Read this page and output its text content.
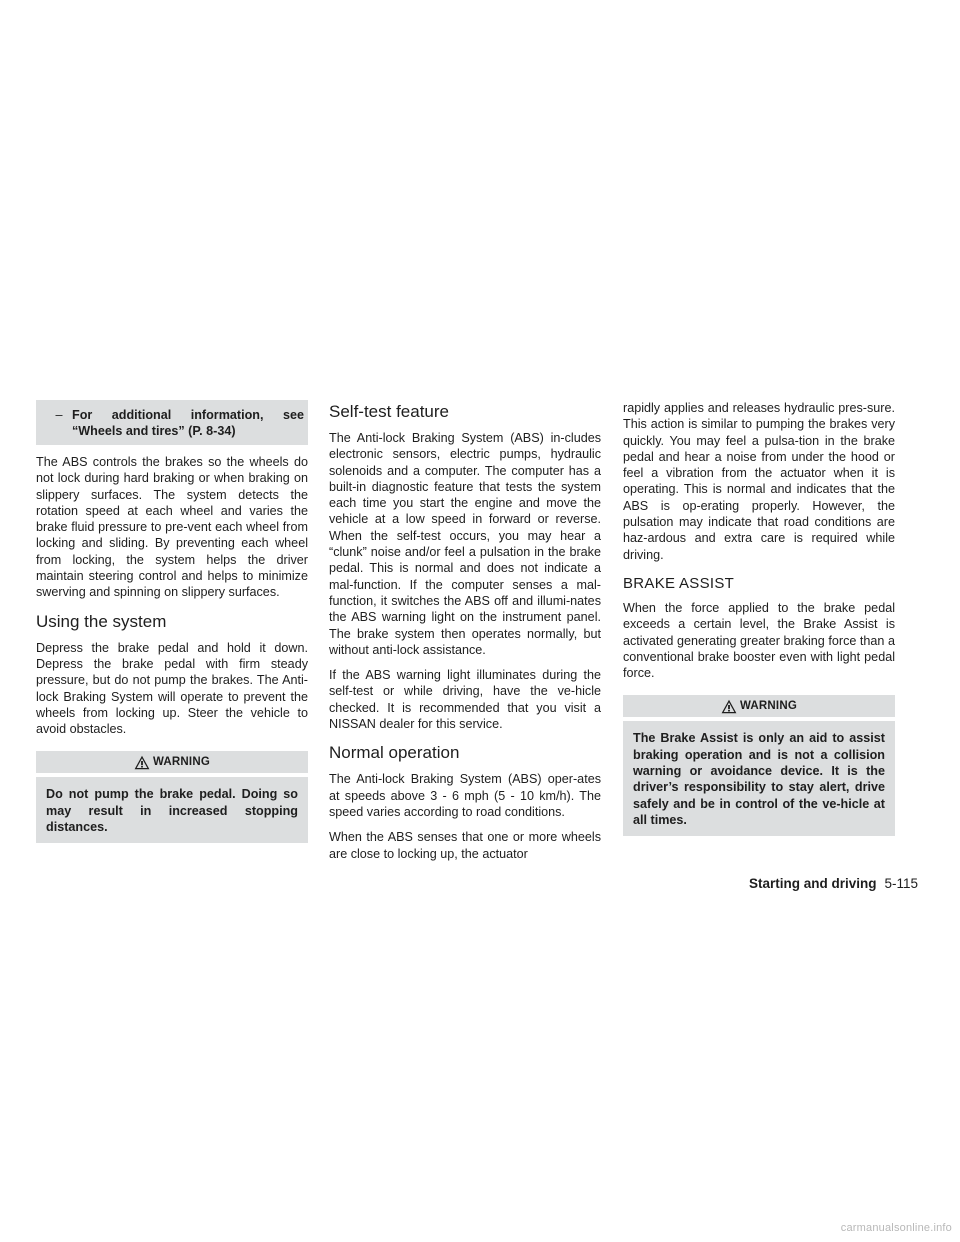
– For additional information, see “Wheels and tires” (P. 8-34)

The ABS controls the brakes so the wheels do not lock during hard braking or when braking on slippery surfaces. The system detects the rotation speed at each wheel and varies the brake fluid pressure to pre-vent each wheel from locking and sliding. By preventing each wheel from locking, the system helps the driver maintain steering control and helps to minimize swerving and spinning on slippery surfaces.

Using the system

Depress the brake pedal and hold it down. Depress the brake pedal with firm steady pressure, but do not pump the brakes. The Anti-lock Braking System will operate to prevent the wheels from locking up. Steer the vehicle to avoid obstacles.

WARNING
Do not pump the brake pedal. Doing so may result in increased stopping distances.
Self-test feature

The Anti-lock Braking System (ABS) in-cludes electronic sensors, electric pumps, hydraulic solenoids and a computer. The computer has a built-in diagnostic feature that tests the system each time you start the engine and move the vehicle at a low speed in forward or reverse. When the self-test occurs, you may hear a “clunk” noise and/or feel a pulsation in the brake pedal. This is normal and does not indicate a mal-function. If the computer senses a mal-function, it switches the ABS off and illumi-nates the ABS warning light on the instrument panel. The brake system then operates normally, but without anti-lock assistance.

If the ABS warning light illuminates during the self-test or while driving, have the ve-hicle checked. It is recommended that you visit a NISSAN dealer for this service.

Normal operation

The Anti-lock Braking System (ABS) oper-ates at speeds above 3 - 6 mph (5 - 10 km/h). The speed varies according to road conditions.

When the ABS senses that one or more wheels are close to locking up, the actuator

rapidly applies and releases hydraulic pres-sure. This action is similar to pumping the brakes very quickly. You may feel a pulsa-tion in the brake pedal and hear a noise from under the hood or feel a vibration from the actuator when it is operating. This is normal and indicates that the ABS is op-erating properly. However, the pulsation may indicate that road conditions are haz-ardous and extra care is required while driving.

BRAKE ASSIST

When the force applied to the brake pedal exceeds a certain level, the Brake Assist is activated generating greater braking force than a conventional brake booster even with light pedal force.

WARNING
The Brake Assist is only an aid to assist braking operation and is not a collision warning or avoidance device. It is the driver’s responsibility to stay alert, drive safely and be in control of the ve-hicle at all times.
Starting and driving 5-115
carmanualsonline.info
